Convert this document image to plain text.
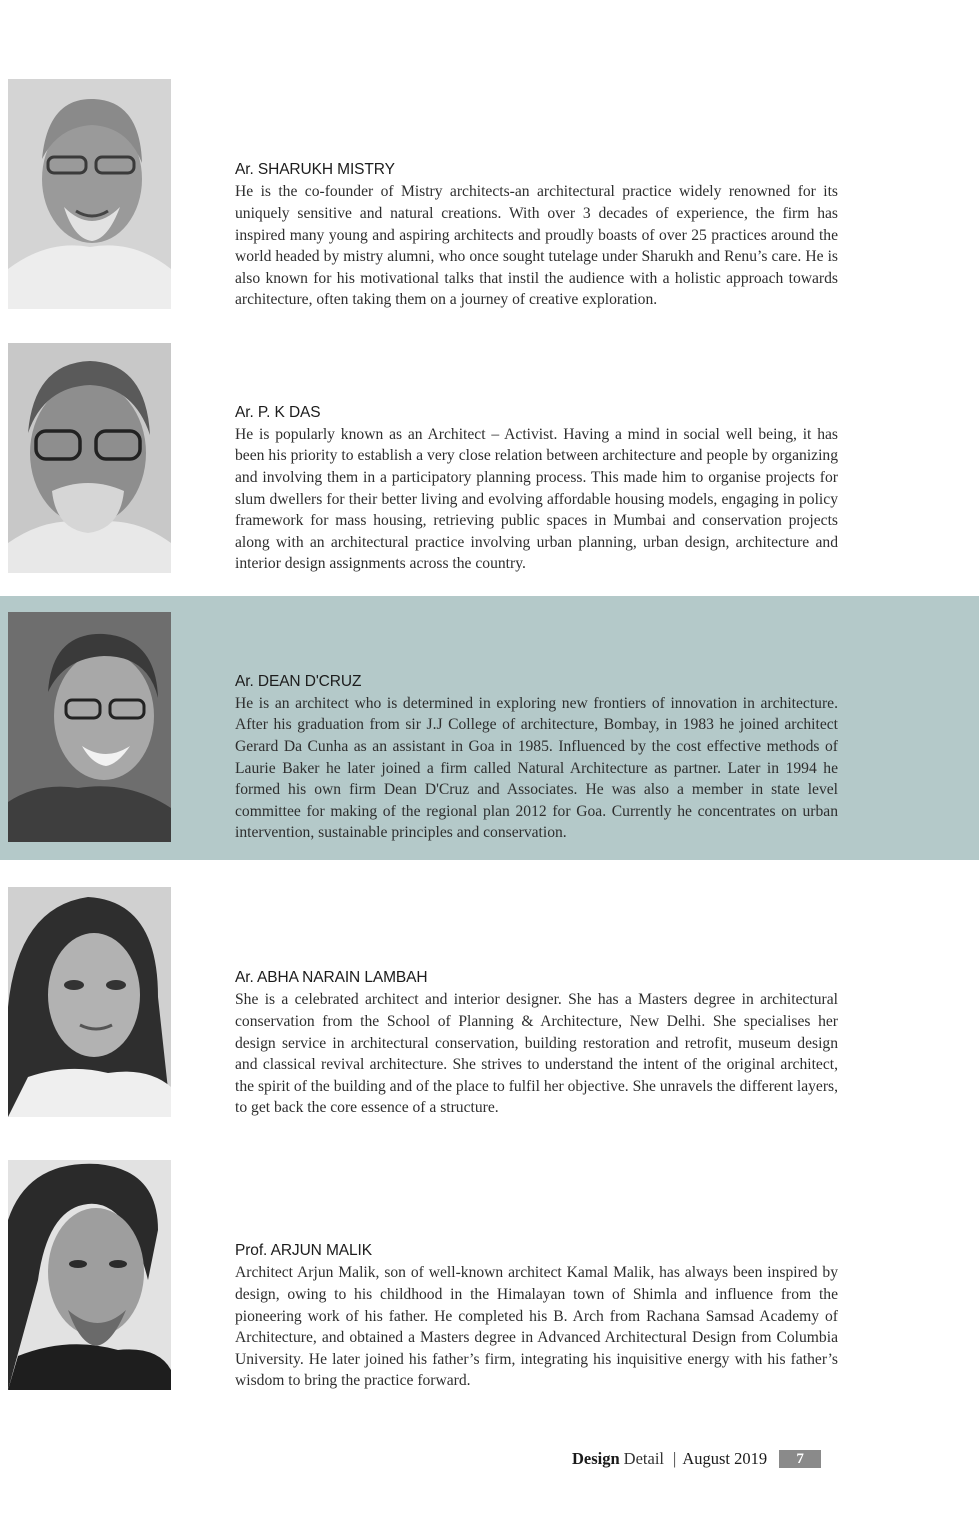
Ar. SHARUKH MISTRY

He is the co-founder of Mistry architects-an architectural practice widely renowned for its uniquely sensitive and natural creations. With over 3 decades of experience, the firm has inspired many young and aspiring architects and proudly boasts of over 25 practices around the world headed by mistry alumni, who once sought tutelage under Sharukh and Renu’s care. He is also known for his motivational talks that instil the audience with a holistic approach towards architecture, often taking them on a journey of creative exploration.

Ar. P. K DAS

He is popularly known as an Architect – Activist. Having a mind in social well being, it has been his priority to establish a very close relation between architecture and people by organizing and involving them in a participatory planning process. This made him to organise projects for slum dwellers for their better living and evolving affordable housing models, engaging in policy framework for mass housing, retrieving public spaces in Mumbai and conservation projects along with an architectural practice involving urban planning, urban design, architecture and interior design assignments across the country.

Ar. DEAN D'CRUZ

He is an architect who is determined in exploring new frontiers of innovation in architecture. After his graduation from sir J.J College of architecture, Bombay, in 1983 he joined architect Gerard Da Cunha as an assistant in Goa in 1985. Influenced by the cost effective methods of Laurie Baker he later joined a firm called Natural Architecture as partner. Later in 1994 he formed his own firm Dean D'Cruz and Associates. He was also a member in state level committee for making of the regional plan 2012 for Goa. Currently he concentrates on urban intervention, sustainable principles and conservation.

Ar. ABHA NARAIN LAMBAH

She is a celebrated architect and interior designer. She has a Masters degree in architectural conservation from the School of Planning & Architecture, New Delhi. She specialises her design service in architectural conservation, building restoration and retrofit, museum design and classical revival architecture. She strives to understand the intent of the original architect, the spirit of the building and of the place to fulfil her objective. She unravels the different layers, to get back the core essence of a structure.

Prof. ARJUN MALIK

Architect Arjun Malik, son of well-known architect Kamal Malik, has always been inspired by design, owing to his childhood in the Himalayan town of Shimla and influence from the pioneering work of his father. He completed his B. Arch from Rachana Samsad Academy of Architecture, and obtained a Masters degree in Advanced Architectural Design from Columbia University. He later joined his father’s firm, integrating his inquisitive energy with his father’s wisdom to bring the practice forward.

Design Detail | August 2019	7
